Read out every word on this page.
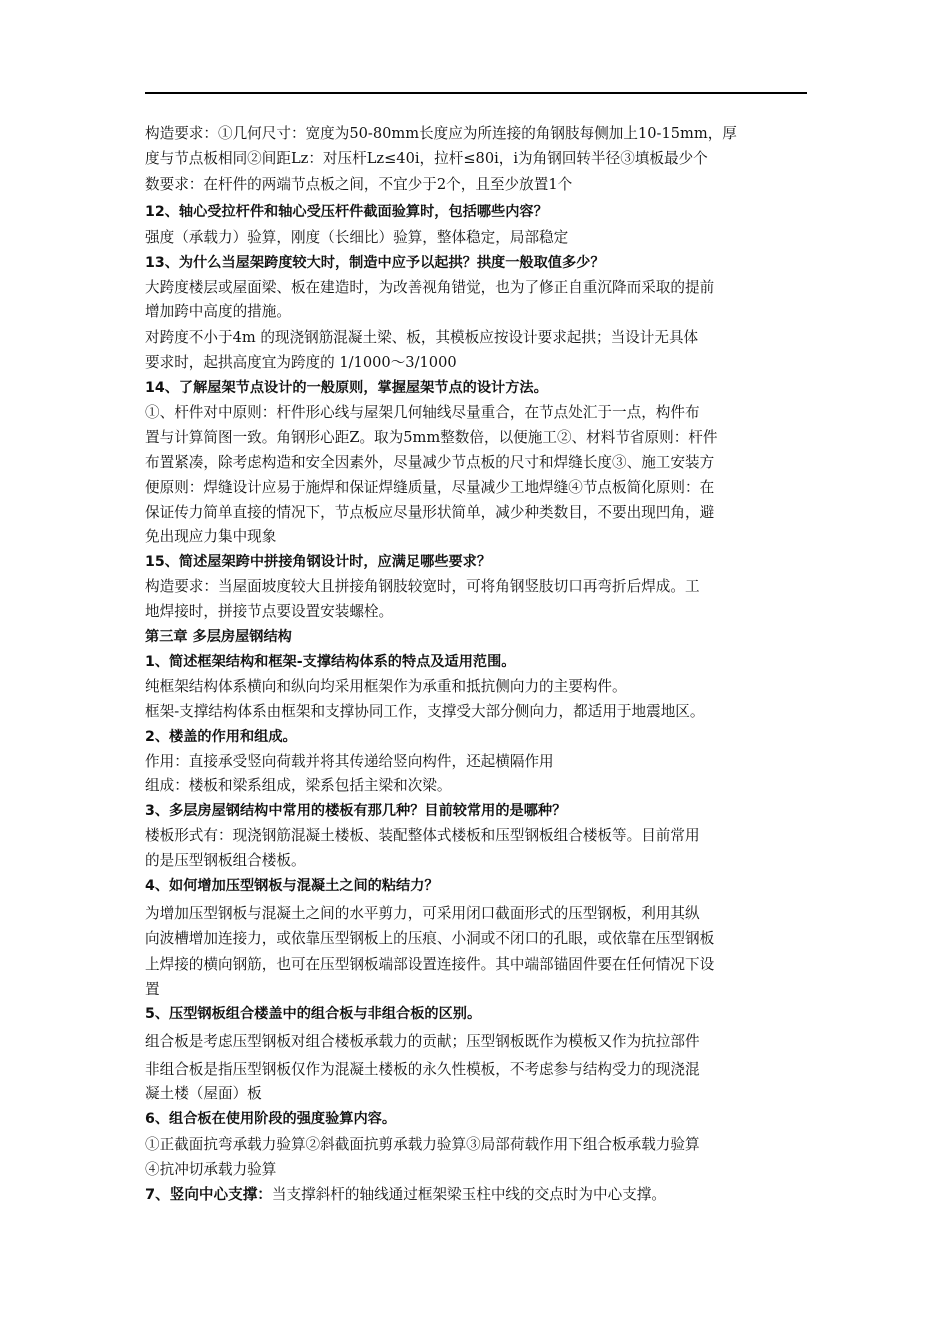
构造要求：①几何尺寸：宽度为50-80mm长度应为所连接的角钢肢每侧加上10-15mm，厚
度与节点板相同②间距Lz：对压杆Lz≤40i，拉杆≤80i，i为角钢回转半径③填板最少个
数要求：在杆件的两端节点板之间，不宜少于2个，且至少放置1个
12、轴心受拉杆件和轴心受压杆件截面验算时，包括哪些内容？
强度（承载力）验算，刚度（长细比）验算，整体稳定，局部稳定
13、为什么当屋架跨度较大时，制造中应予以起拱？拱度一般取值多少？
大跨度楼层或屋面梁、板在建造时，为改善视角错觉，也为了修正自重沉降而采取的提前
增加跨中高度的措施。
对跨度不小于4m 的现浇钢筋混凝土梁、板，其模板应按设计要求起拱；当设计无具体
要求时，起拱高度宜为跨度的 1/1000～3/1000
14、了解屋架节点设计的一般原则，掌握屋架节点的设计方法。
①、杆件对中原则：杆件形心线与屋架几何轴线尽量重合，在节点处汇于一点，构件布
置与计算简图一致。角钢形心距Z。取为5mm整数倍，以便施工②、材料节省原则：杆件
布置紧凑，除考虑构造和安全因素外，尽量减少节点板的尺寸和焊缝长度③、施工安装方
便原则：焊缝设计应易于施焊和保证焊缝质量，尽量减少工地焊缝④节点板简化原则：在
保证传力简单直接的情况下，节点板应尽量形状简单，减少种类数目，不要出现凹角，避
免出现应力集中现象
15、简述屋架跨中拼接角钢设计时，应满足哪些要求？
构造要求：当屋面坡度较大且拼接角钢肢较宽时，可将角钢竖肢切口再弯折后焊成。工
地焊接时，拼接节点要设置安装螺栓。
第三章 多层房屋钢结构
1、简述框架结构和框架-支撑结构体系的特点及适用范围。
纯框架结构体系横向和纵向均采用框架作为承重和抵抗侧向力的主要构件。
框架-支撑结构体系由框架和支撑协同工作，支撑受大部分侧向力，都适用于地震地区。
2、楼盖的作用和组成。
作用：直接承受竖向荷载并将其传递给竖向构件，还起横隔作用
组成：楼板和梁系组成，梁系包括主梁和次梁。
3、多层房屋钢结构中常用的楼板有那几种？目前较常用的是哪种？
楼板形式有：现浇钢筋混凝土楼板、装配整体式楼板和压型钢板组合楼板等。目前常用
的是压型钢板组合楼板。
4、如何增加压型钢板与混凝土之间的粘结力？
为增加压型钢板与混凝土之间的水平剪力，可采用闭口截面形式的压型钢板，利用其纵
向波槽增加连接力，或依靠压型钢板上的压痕、小洞或不闭口的孔眼，或依靠在压型钢板
上焊接的横向钢筋，也可在压型钢板端部设置连接件。其中端部锚固件要在任何情况下设
置
5、压型钢板组合楼盖中的组合板与非组合板的区别。
组合板是考虑压型钢板对组合楼板承载力的贡献；压型钢板既作为模板又作为抗拉部件
非组合板是指压型钢板仅作为混凝土楼板的永久性模板，不考虑参与结构受力的现浇混
凝土楼（屋面）板
6、组合板在使用阶段的强度验算内容。
①正截面抗弯承载力验算②斜截面抗剪承载力验算③局部荷载作用下组合板承载力验算
④抗冲切承载力验算
7、竖向中心支撑：当支撑斜杆的轴线通过框架梁玉柱中线的交点时为中心支撑。
